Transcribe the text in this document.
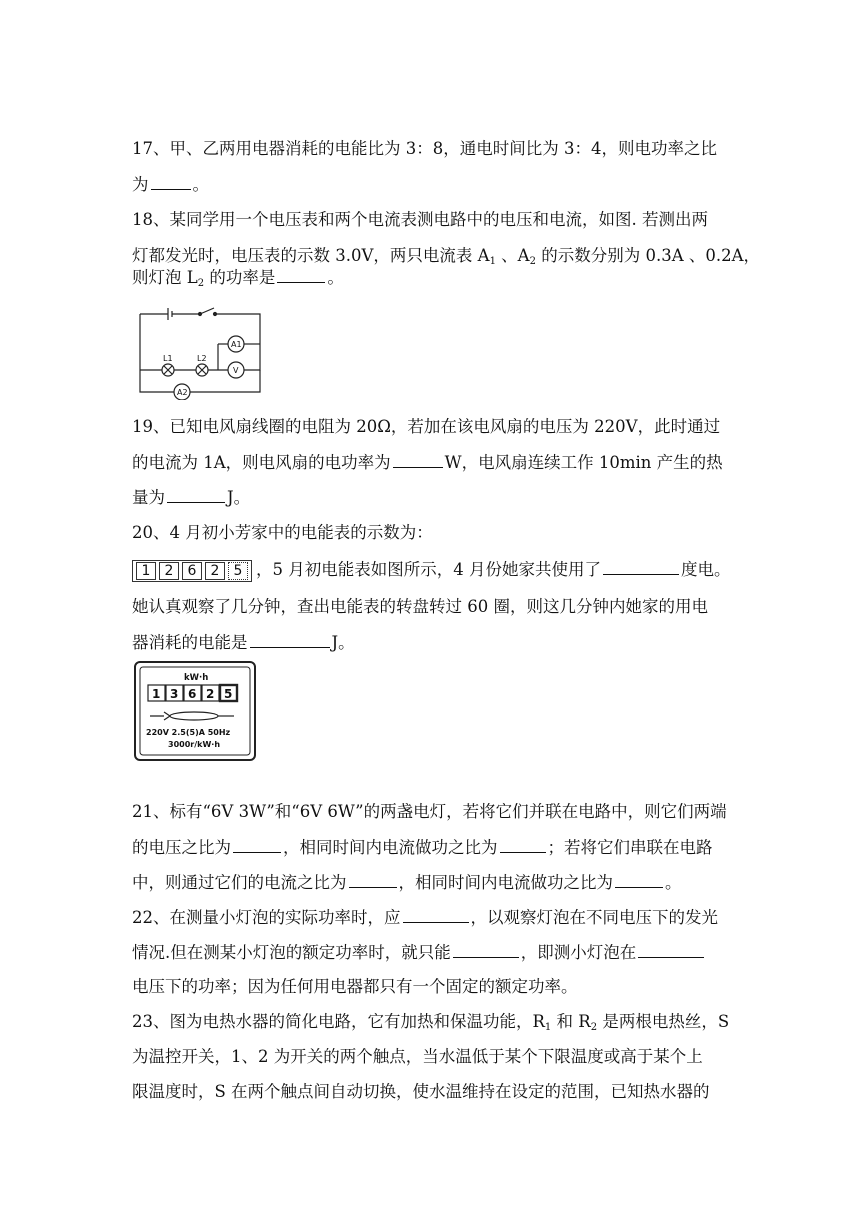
17、甲、乙两用电器消耗的电能比为 3：8，通电时间比为 3：4，则电功率之比
为	。
18、某同学用一个电压表和两个电流表测电路中的电压和电流，如图. 若测出两
灯都发光时，电压表的示数 3.0V，两只电流表 $A_1$ 、$A_2$ 的示数分别为 0.3A 、0.2A，
则灯泡 $L_2$ 的功率是	。
L1	L2
A1
V
A2
19、已知电风扇线圈的电阻为 20Ω，若加在该电风扇的电压为 220V，此时通过
的电流为 1A，则电风扇的电功率为	W，电风扇连续工作 10min 产生的热
量为	J。
20、4 月初小芳家中的电能表的示数为：
1	2	6	2	5 ，5 月初电能表如图所示，4 月份她家共使用了	度电。
她认真观察了几分钟，查出电能表的转盘转过 60 圈，则这几分钟内她家的用电
器消耗的电能是	J。
kW·h
1 3 6 2 5
220V 2.5(5)A 50Hz
3000r/kW·h
21、标有“6V 3W”和“6V 6W”的两盏电灯，若将它们并联在电路中，则它们两端
的电压之比为	，相同时间内电流做功之比为	；若将它们串联在电路
中，则通过它们的电流之比为	，相同时间内电流做功之比为	。
22、在测量小灯泡的实际功率时，应	，以观察灯泡在不同电压下的发光
情况.但在测某小灯泡的额定功率时，就只能	，即测小灯泡在
电压下的功率；因为任何用电器都只有一个固定的额定功率。
23、图为电热水器的简化电路，它有加热和保温功能，$R_1$ 和 $R_2$ 是两根电热丝，S
为温控开关，1、2 为开关的两个触点，当水温低于某个下限温度或高于某个上
限温度时，S 在两个触点间自动切换，使水温维持在设定的范围，已知热水器的
